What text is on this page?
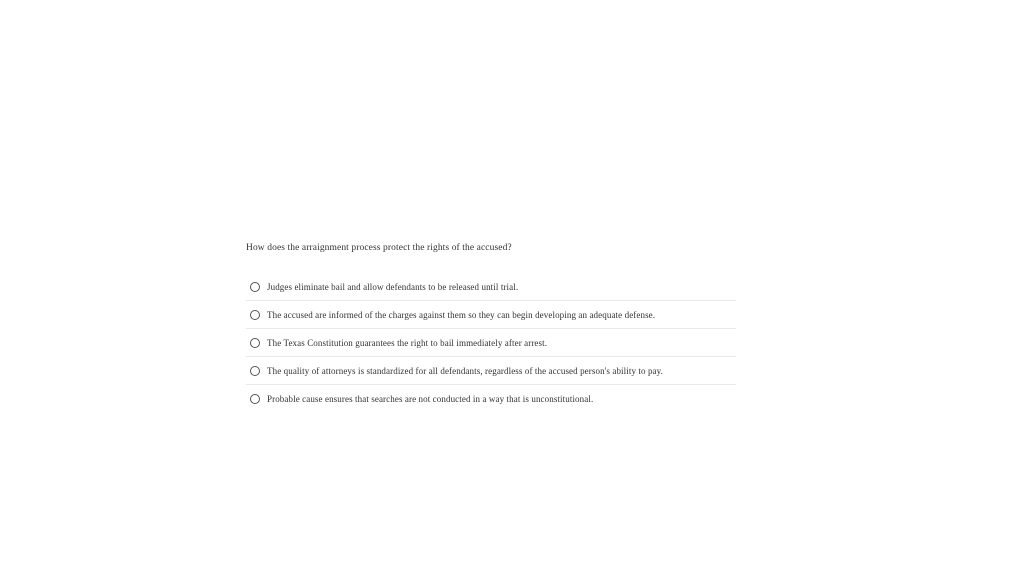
How does the arraignment process protect the rights of the accused?
Judges eliminate bail and allow defendants to be released until trial.
The accused are informed of the charges against them so they can begin developing an adequate defense.
The Texas Constitution guarantees the right to bail immediately after arrest.
The quality of attorneys is standardized for all defendants, regardless of the accused person's ability to pay.
Probable cause ensures that searches are not conducted in a way that is unconstitutional.
